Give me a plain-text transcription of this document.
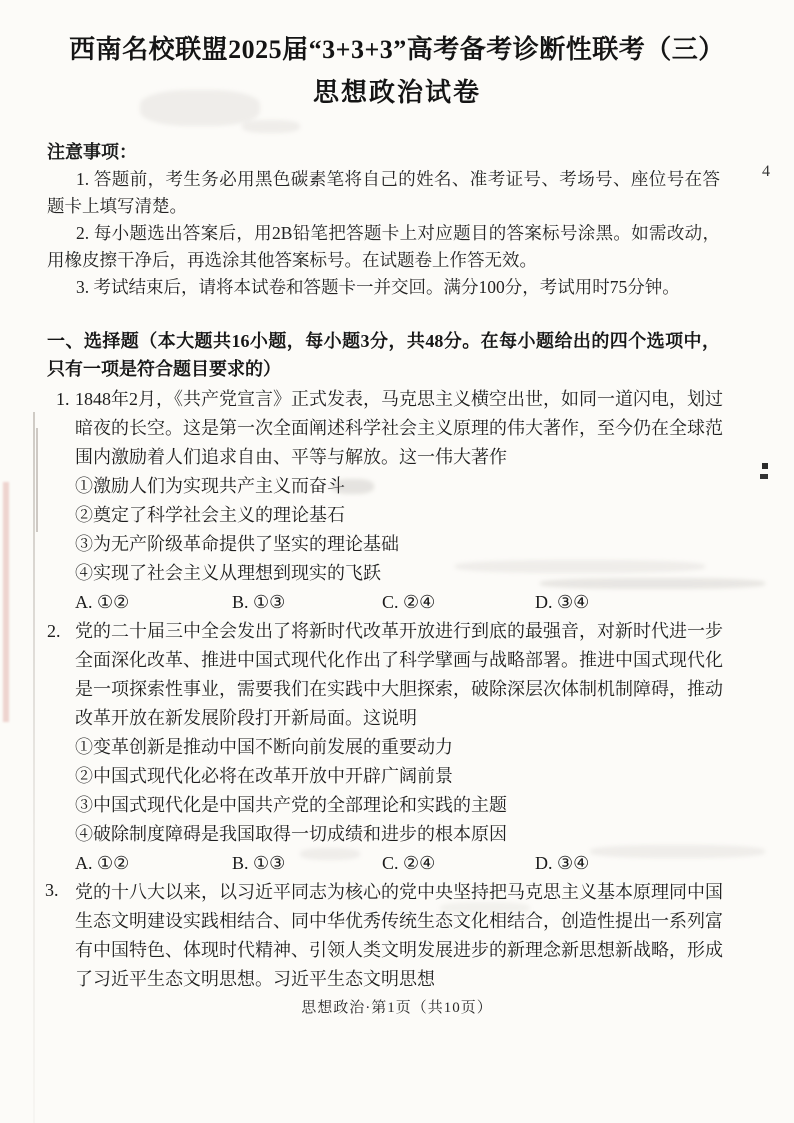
西南名校联盟2025届“3+3+3”高考备考诊断性联考（三）
思想政治试卷
注意事项：

1. 答题前，考生务必用黑色碳素笔将自己的姓名、准考证号、考场号、座位号在答题卡上填写清楚。

2. 每小题选出答案后，用2B铅笔把答题卡上对应题目的答案标号涂黑。如需改动，用橡皮擦干净后，再选涂其他答案标号。在试题卷上作答无效。

3. 考试结束后，请将本试卷和答题卡一并交回。满分100分，考试用时75分钟。

一、选择题（本大题共16小题，每小题3分，共48分。在每小题给出的四个选项中，只有一项是符合题目要求的）
1. 1848年2月，《共产党宣言》正式发表，马克思主义横空出世，如同一道闪电，划过暗夜的长空。这是第一次全面阐述科学社会主义原理的伟大著作，至今仍在全球范围内激励着人们追求自由、平等与解放。这一伟大著作
①激励人们为实现共产主义而奋斗
②奠定了科学社会主义的理论基石
③为无产阶级革命提供了坚实的理论基础
④实现了社会主义从理想到现实的飞跃
A. ①②	B. ①③	C. ②④	D. ③④
2. 党的二十届三中全会发出了将新时代改革开放进行到底的最强音，对新时代进一步全面深化改革、推进中国式现代化作出了科学擘画与战略部署。推进中国式现代化是一项探索性事业，需要我们在实践中大胆探索，破除深层次体制机制障碍，推动改革开放在新发展阶段打开新局面。这说明
①变革创新是推动中国不断向前发展的重要动力
②中国式现代化必将在改革开放中开辟广阔前景
③中国式现代化是中国共产党的全部理论和实践的主题
④破除制度障碍是我国取得一切成绩和进步的根本原因
A. ①②	B. ①③	C. ②④	D. ③④
3. 党的十八大以来，以习近平同志为核心的党中央坚持把马克思主义基本原理同中国生态文明建设实践相结合、同中华优秀传统生态文化相结合，创造性提出一系列富有中国特色、体现时代精神、引领人类文明发展进步的新理念新思想新战略，形成了习近平生态文明思想。习近平生态文明思想
思想政治·第1页（共10页）
4
